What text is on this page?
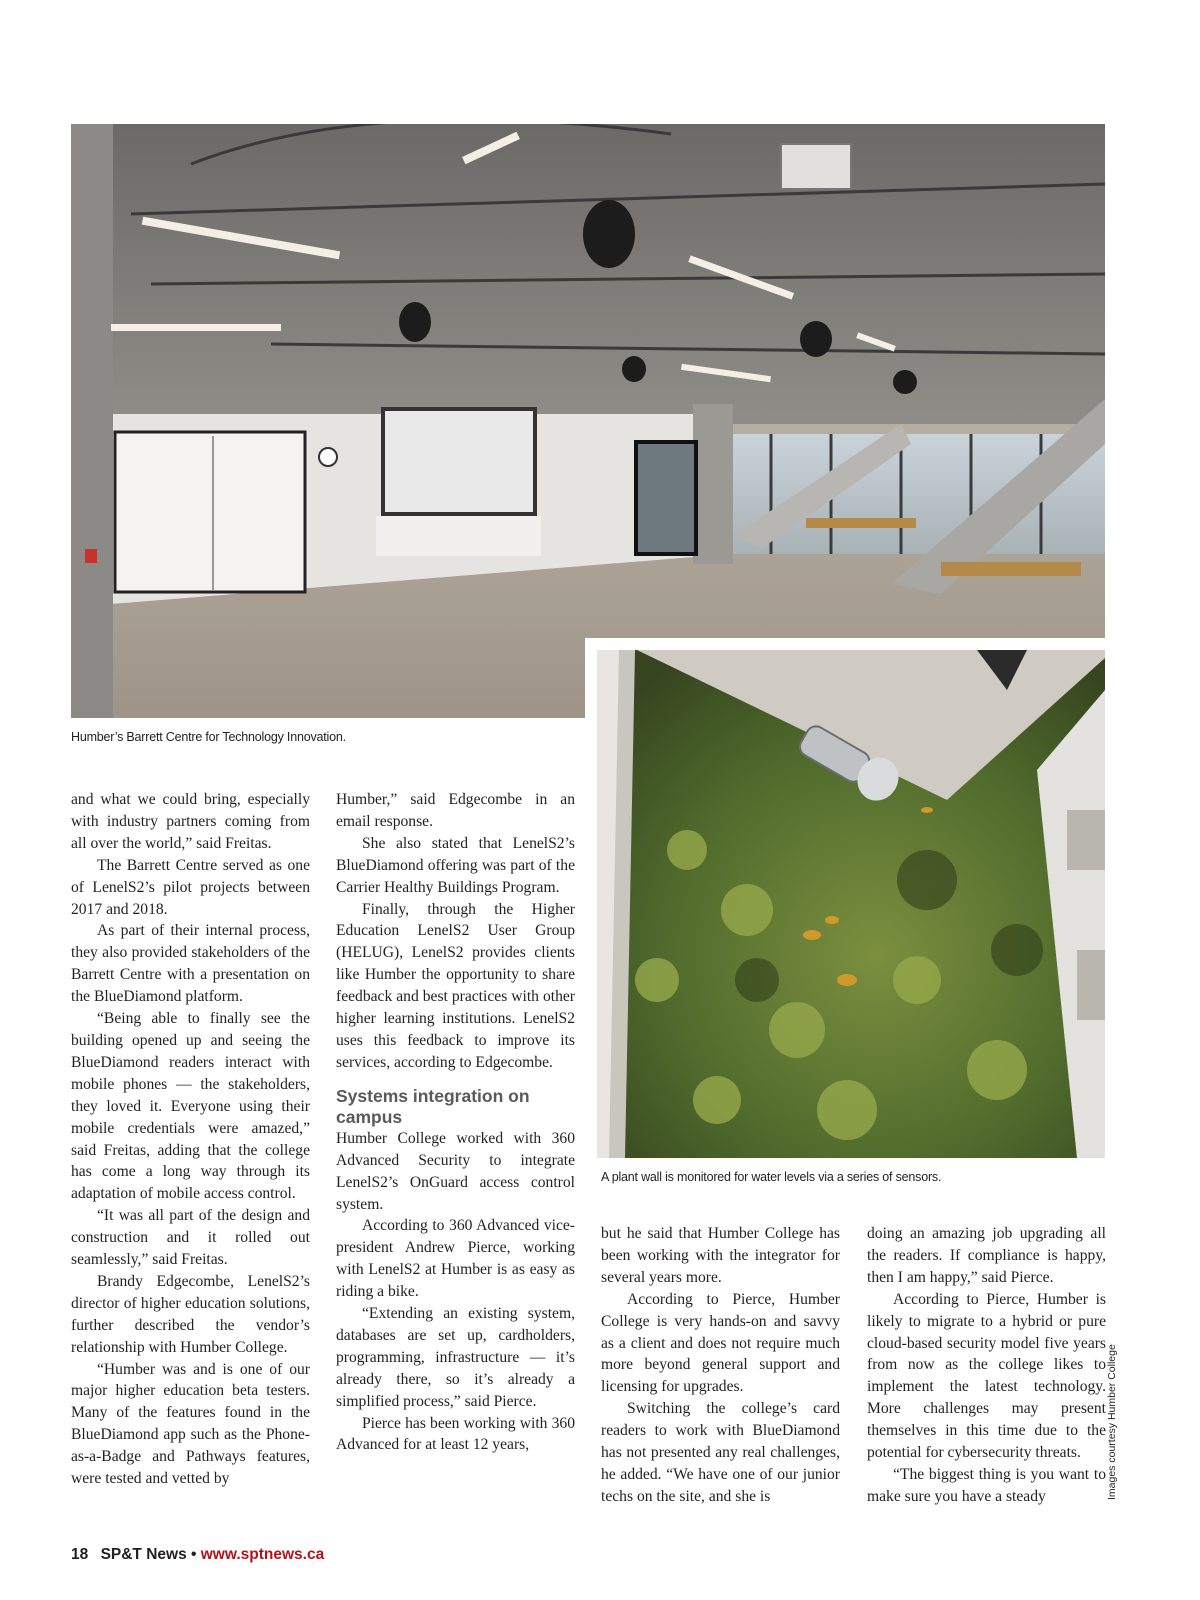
Humber’s Barrett Centre for Technology Innovation.
A plant wall is monitored for water levels via a series of sensors.

and what we could bring, especially with industry partners coming from all over the world,” said Freitas.

The Barrett Centre served as one of LenelS2’s pilot projects between 2017 and 2018.

As part of their internal process, they also provided stakeholders of the Barrett Centre with a presentation on the BlueDiamond platform.

“Being able to finally see the building opened up and seeing the BlueDiamond readers interact with mobile phones — the stakeholders, they loved it. Everyone using their mobile credentials were amazed,” said Freitas, adding that the college has come a long way through its adaptation of mobile access control.

“It was all part of the design and construction and it rolled out seamlessly,” said Freitas.

Brandy Edgecombe, LenelS2’s director of higher education solutions, further described the vendor’s relationship with Humber College.

“Humber was and is one of our major higher education beta testers. Many of the features found in the BlueDiamond app such as the Phone-as-a-Badge and Pathways features, were tested and vetted by

Humber,” said Edgecombe in an email response.

She also stated that LenelS2’s BlueDiamond offering was part of the Carrier Healthy Buildings Program.

Finally, through the Higher Education LenelS2 User Group (HELUG), LenelS2 provides clients like Humber the opportunity to share feedback and best practices with other higher learning institutions. LenelS2 uses this feedback to improve its services, according to Edgecombe.

Systems integration on campus

Humber College worked with 360 Advanced Security to integrate LenelS2’s OnGuard access control system.

According to 360 Advanced vice-president Andrew Pierce, working with LenelS2 at Humber is as easy as riding a bike.

“Extending an existing system, databases are set up, cardholders, programming, infrastructure — it’s already there, so it’s already a simplified process,” said Pierce.

Pierce has been working with 360 Advanced for at least 12 years,

but he said that Humber College has been working with the integrator for several years more.

According to Pierce, Humber College is very hands-on and savvy as a client and does not require much more beyond general support and licensing for upgrades.

Switching the college’s card readers to work with BlueDiamond has not presented any real challenges, he added. “We have one of our junior techs on the site, and she is

doing an amazing job upgrading all the readers. If compliance is happy, then I am happy,” said Pierce.

According to Pierce, Humber is likely to migrate to a hybrid or pure cloud-based security model five years from now as the college likes to implement the latest technology. More challenges may present themselves in this time due to the potential for cybersecurity threats.

“The biggest thing is you want to make sure you have a steady	Images courtesy Humber College
18 SP&T News • www.sptnews.ca
